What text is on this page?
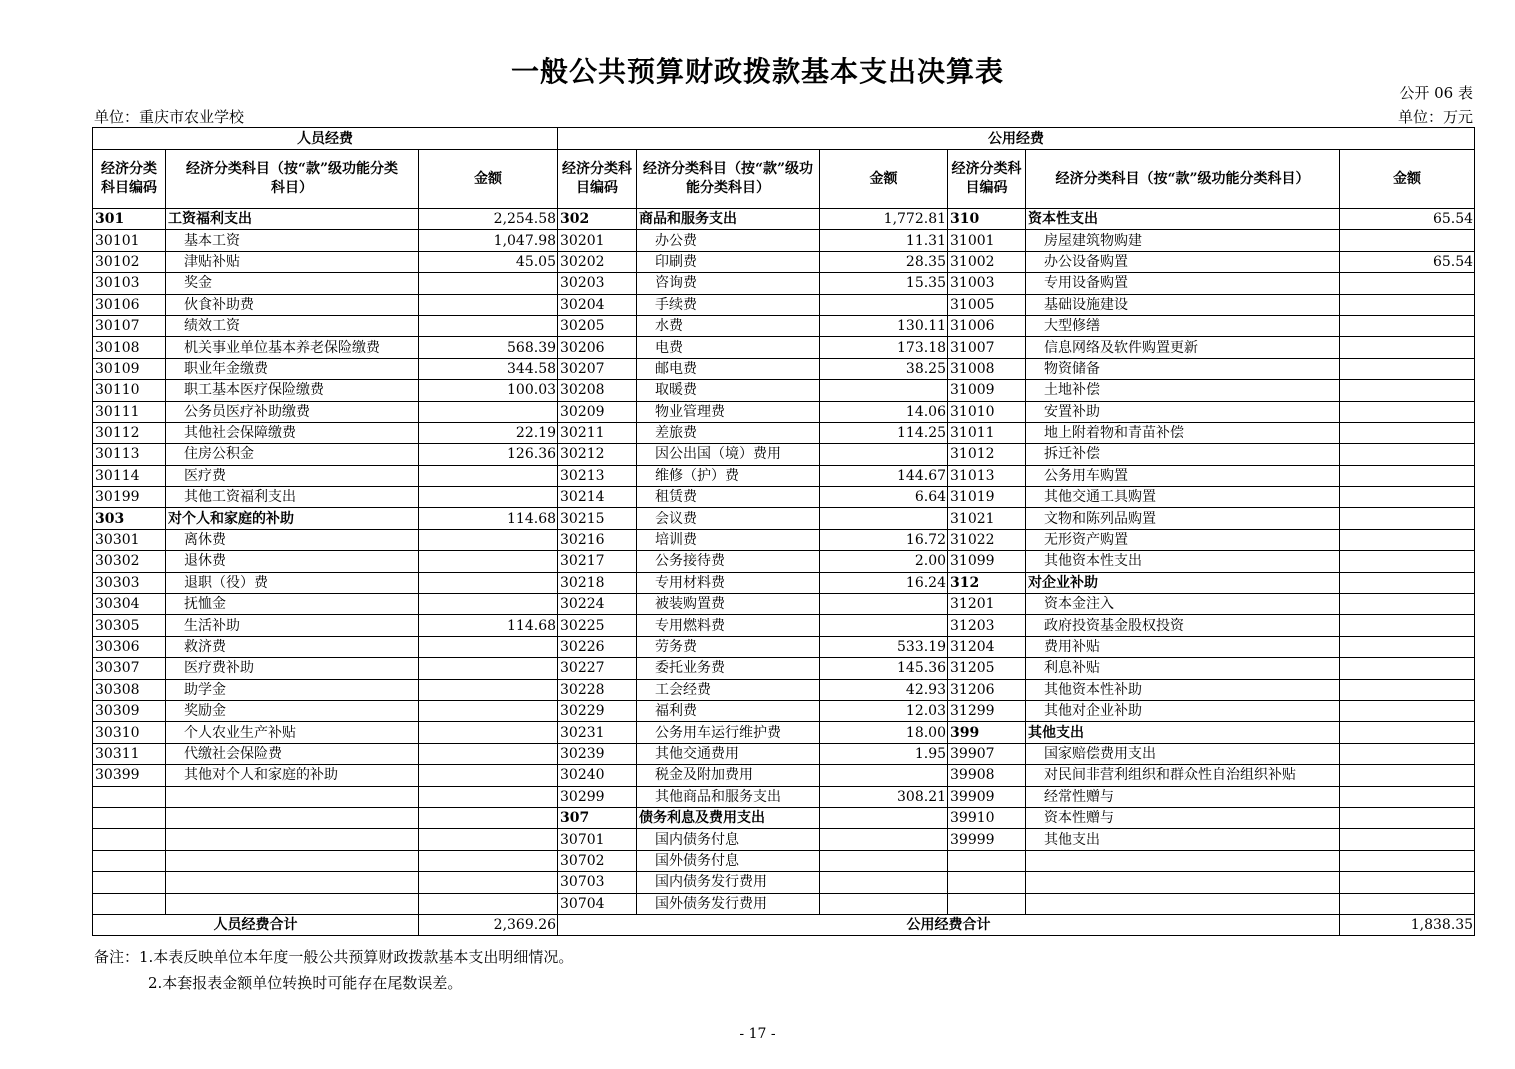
一般公共预算财政拨款基本支出决算表
公开 06 表
单位：重庆市农业学校	单位：万元
人员经费			公用经费					
经济分类科目编码	经济分类科目（按“款”级功能分类科目）	金额	经济分类科目编码	经济分类科目（按“款”级功能分类科目）	金额	经济分类科目编码	经济分类科目（按“款”级功能分类科目）	金额
301	工资福利支出	2,254.58	302	商品和服务支出	1,772.81	310	资本性支出	65.54
30101	基本工资	1,047.98	30201	办公费	11.31	31001	房屋建筑物购建	
30102	津贴补贴	45.05	30202	印刷费	28.35	31002	办公设备购置	65.54
30103	奖金		30203	咨询费	15.35	31003	专用设备购置	
30106	伙食补助费		30204	手续费		31005	基础设施建设	
30107	绩效工资		30205	水费	130.11	31006	大型修缮	
30108	机关事业单位基本养老保险缴费	568.39	30206	电费	173.18	31007	信息网络及软件购置更新	
30109	职业年金缴费	344.58	30207	邮电费	38.25	31008	物资储备	
30110	职工基本医疗保险缴费	100.03	30208	取暖费		31009	土地补偿	
30111	公务员医疗补助缴费		30209	物业管理费	14.06	31010	安置补助	
30112	其他社会保障缴费	22.19	30211	差旅费	114.25	31011	地上附着物和青苗补偿	
30113	住房公积金	126.36	30212	因公出国（境）费用		31012	拆迁补偿	
30114	医疗费		30213	维修（护）费	144.67	31013	公务用车购置	
30199	其他工资福利支出		30214	租赁费	6.64	31019	其他交通工具购置	
303	对个人和家庭的补助	114.68	30215	会议费		31021	文物和陈列品购置	
30301	离休费		30216	培训费	16.72	31022	无形资产购置	
30302	退休费		30217	公务接待费	2.00	31099	其他资本性支出	
30303	退职（役）费		30218	专用材料费	16.24	312	对企业补助	
30304	抚恤金		30224	被装购置费		31201	资本金注入	
30305	生活补助	114.68	30225	专用燃料费		31203	政府投资基金股权投资	
30306	救济费		30226	劳务费	533.19	31204	费用补贴	
30307	医疗费补助		30227	委托业务费	145.36	31205	利息补贴	
30308	助学金		30228	工会经费	42.93	31206	其他资本性补助	
30309	奖励金		30229	福利费	12.03	31299	其他对企业补助	
30310	个人农业生产补贴		30231	公务用车运行维护费	18.00	399	其他支出	
30311	代缴社会保险费		30239	其他交通费用	1.95	39907	国家赔偿费用支出	
30399	其他对个人和家庭的补助		30240	税金及附加费用		39908	对民间非营利组织和群众性自治组织补贴	
			30299	其他商品和服务支出	308.21	39909	经常性赠与	
			307	债务利息及费用支出		39910	资本性赠与	
			30701	国内债务付息		39999	其他支出	
			30702	国外债务付息				
			30703	国内债务发行费用				
			30704	国外债务发行费用				
人员经费合计		2,369.26	公用经费合计					1,838.35
备注：1.本表反映单位本年度一般公共预算财政拨款基本支出明细情况。
2.本套报表金额单位转换时可能存在尾数误差。
- 17 -
